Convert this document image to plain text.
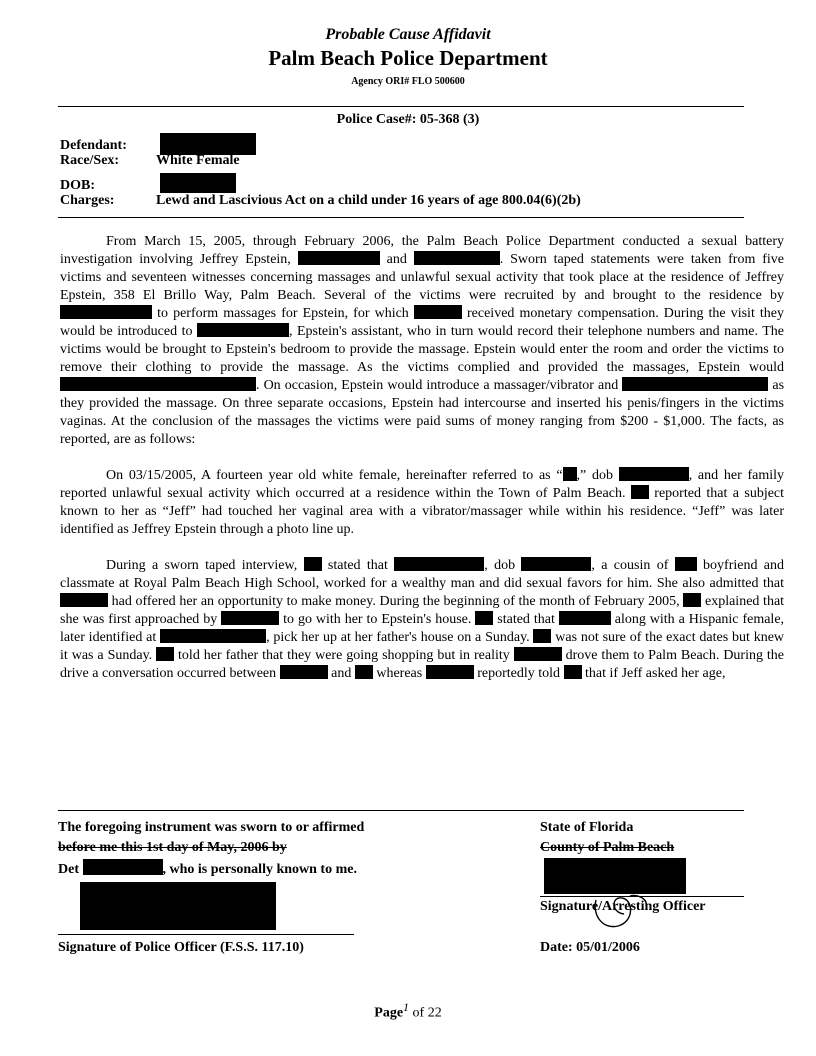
Probable Cause Affidavit
Palm Beach Police Department
Agency ORI# FLO 500600
Police Case#: 05-368 (3)
Defendant:
Race/Sex:	White Female
DOB:
Charges:	Lewd and Lascivious Act on a child under 16 years of age 800.04(6)(2b)

From March 15, 2005, through February 2006, the Palm Beach Police Department conducted a sexual battery investigation involving Jeffrey Epstein,	and	. Sworn taped statements were taken from five victims and seventeen witnesses concerning massages and unlawful sexual activity that took place at the residence of Jeffrey Epstein, 358 El Brillo Way, Palm Beach. Several of the victims were recruited by and brought to the residence by  to perform massages for Epstein, for which	received monetary compensation. During the visit they would be introduced to	, Epstein's assistant, who in turn would record their telephone numbers and name. The victims would be brought to Epstein's bedroom to provide the massage. Epstein would enter the room and order the victims to remove their clothing to provide the massage. As the victims complied and provided the massages, Epstein would . On occasion, Epstein would introduce a massager/vibrator and	as they provided the massage. On three separate occasions, Epstein had intercourse and inserted his penis/fingers in the victims vaginas. At the conclusion of the massages the victims were paid sums of money ranging from $200 - $1,000. The facts, as reported, are as follows:

On 03/15/2005, A fourteen year old white female, hereinafter referred to as “ ,” dob	, and her family reported unlawful sexual activity which occurred at a residence within the Town of Palm Beach. reported that a subject known to her as “Jeff” had touched her vaginal area with a vibrator/massager while within his residence. “Jeff” was later identified as Jeffrey Epstein through a photo line up.

During a sworn taped interview, stated that	, dob	, a cousin of boyfriend and classmate at Royal Palm Beach High School, worked for a wealthy man and did sexual favors for him. She also admitted that  had offered her an opportunity to make money. During the beginning of the month of February 2005, explained that she was first approached by	to go with her to Epstein's house. stated that	along with a Hispanic female, later identified at	, pick her up at her father's house on a Sunday. was not sure of the exact dates but knew it was a Sunday. told her father that they were going shopping but in reality	drove them to Palm Beach. During the drive a conversation occurred between	and whereas	reportedly told that if Jeff asked her age,

The foregoing instrument was sworn to or affirmed
before me this 1st day of May, 2006 by
Det	, who is personally known to me.
Signature of Police Officer (F.S.S. 117.10)
State of Florida
County of Palm Beach
Signature/Arresting Officer
Date: 05/01/2006
Page$^1$ of 22
